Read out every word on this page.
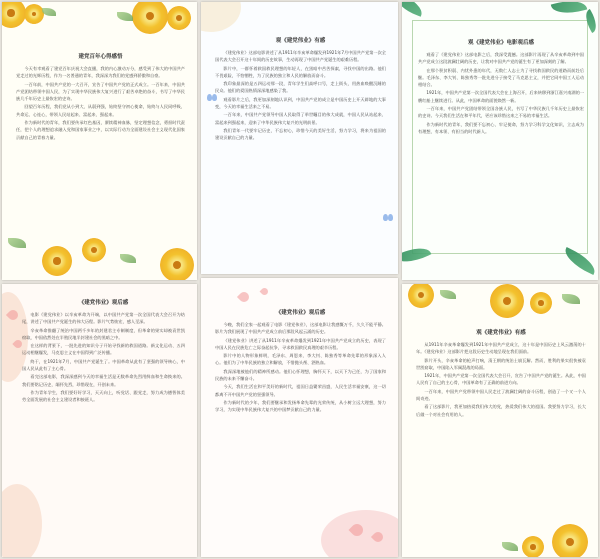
建党百年心得感悟

今天有幸观看了建党百年庆祝大会直播，我的内心激动万分，感受到了伟大的中国共产党走过的光辉历程，作为一名普通的青年，我深深为我们的党感到骄傲和自豪。

一百年前，中国共产党的一大召开，宣告了中国共产党的正式成立。一百年来，中国共产党团结带领中国人民，为了实现中华民族伟大复兴进行了艰苦卓绝的奋斗，书写了中华民族几千年历史上最恢宏的史诗。

回望百年历程，我们党从小到大、从弱到强，始终坚守初心使命，始终与人民同呼吸、共命运、心连心，带领人民站起来、富起来、强起来。

作为新时代的青年，我们要传承红色基因，赓续精神血脉，坚定理想信念，勇担时代责任，把个人的理想追求融入党和国家事业之中，以实际行动为全面建设社会主义现代化国家贡献自己的青春力量。

观《建党伟业》有感

《建党伟业》这部电影讲述了从1911年辛亥革命爆发到1921年7月中国共产党第一次全国代表大会召开这十年间的历史故事，生动再现了中国共产党诞生的艰难历程。

影片中，一群怀着救国救民理想的年轻人，在黑暗中苦苦探索，寻找中国的出路。他们不畏艰险，不怕牺牲，为了民族的独立和人民的解放而奋斗。

我印象最深的是五四运动那一段，青年学生们高呼口号，走上街头，用热血唤醒沉睡的民众。他们的爱国热情深深地感染了我。

观看影片之后，我更加深刻地认识到，中国共产党的成立是中国历史上开天辟地的大事变，今天的幸福生活来之不易。

一百年来，中国共产党领导中国人民取得了举世瞩目的伟大成就，中国人民从站起来、富起来到强起来，迎来了中华民族伟大复兴的光明前景。

我们青年一代要牢记历史，不忘初心，珍惜今天的美好生活，努力学习，将来为祖国的建设贡献自己的力量。

观《建党伟业》电影观后感

观看了《建党伟业》这部电影之后，我深受震撼。这部影片再现了从辛亥革命到中国共产党成立这段波澜壮阔的历史，让我对中国共产党的诞生有了更加深刻的了解。

在那个积贫积弱、内忧外患的年代，无数仁人志士为了寻找救国救民的道路而前赴后继。毛泽东、李大钊、陈独秀等一批先进分子接受了马克思主义，并把它同中国工人运动相结合。

1921年，中国共产党第一次全国代表大会在上海召开，后来转移到浙江嘉兴南湖的一艘红船上继续进行。从此，中国革命的面貌焕然一新。

一百年来，中国共产党团结带领全国各族人民，书写了中华民族几千年历史上最恢宏的史诗。今天我们生活在和平年代，更应该珍惜这来之不易的幸福生活。

作为新时代的青年，我们要不忘初心、牢记使命，努力学习科学文化知识，立志成为有理想、有本领、有担当的时代新人。

《建党伟业》观后感

电影《建党伟业》以辛亥革命为开端，以中国共产党第一次全国代表大会召开为结尾，讲述了中国共产党诞生的伟大历程。影片气势恢宏，感人至深。

辛亥革命推翻了统治中国两千多年的封建君主专制制度，但革命的果实却被袁世凯窃取，中国依然处在半殖民地半封建社会的黑暗之中。

在这样的背景下，一批先进的知识分子开始寻找新的救国道路。新文化运动、五四运动相继爆发，马克思主义在中国得到广泛传播。

终于，在1921年7月，中国共产党诞生了。中国革命从此有了坚强的领导核心，中国人民从此有了主心骨。

看完这部电影，我深深感到今天的幸福生活是无数革命先烈用鲜血和生命换来的。我们要铭记历史，缅怀先烈，珍惜现在，开创未来。

作为青年学生，我们要好好学习，天天向上，听党话、跟党走，努力成为德智体美劳全面发展的社会主义建设者和接班人。

《建党伟业》观后感

今晚，我们全家一起观看了电影《建党伟业》，这部电影让我感慨万千，久久不能平静。影片为我们展现了中国共产党成立前后那段风起云涌的历史。

《建党伟业》讲述了从1911年辛亥革命爆发到1921年中国共产党成立的历史，表现了中国人民在民族危亡之际奋起抗争，寻求救国救民真理的艰辛历程。

影片中的人物形象鲜明，毛泽东、周恩来、李大钊、陈独秀等革命先辈的形象深入人心。他们为了中华民族的独立和解放，不惜抛头颅、洒热血。

我深深地被他们的精神所感动。他们心怀理想，胸怀天下，以天下为己任，为了国家和民族的未来不懈奋斗。

今天，我们生活在和平美好的新时代，祖国日益繁荣昌盛，人民生活幸福安康，这一切都离不开中国共产党的坚强领导。

作为新时代的少年，我们要继承和发扬革命先辈的光荣传统，从小树立远大理想，努力学习，为实现中华民族伟大复兴的中国梦贡献自己的力量。

观《建党伟业》有感

从1911年辛亥革命爆发到1921年中国共产党成立，这十年是中国历史上风云激荡的十年。《建党伟业》这部影片把这段历史生动地呈现在我们面前。

影片开头，辛亥革命的枪声打响，清王朝的统治土崩瓦解。然而，胜利的果实很快被袁世凯窃取，中国陷入军阀混战的局面。

1921年，中国共产党第一次全国代表大会召开，宣告了中国共产党的诞生。从此，中国人民有了自己的主心骨，中国革命有了正确的前进方向。

一百年来，中国共产党带领中国人民走过了波澜壮阔的奋斗历程，创造了一个又一个人间奇迹。

看了这部影片，我更加热爱我们伟大的党，热爱我们伟大的祖国。我要努力学习，长大后做一个对社会有用的人。
